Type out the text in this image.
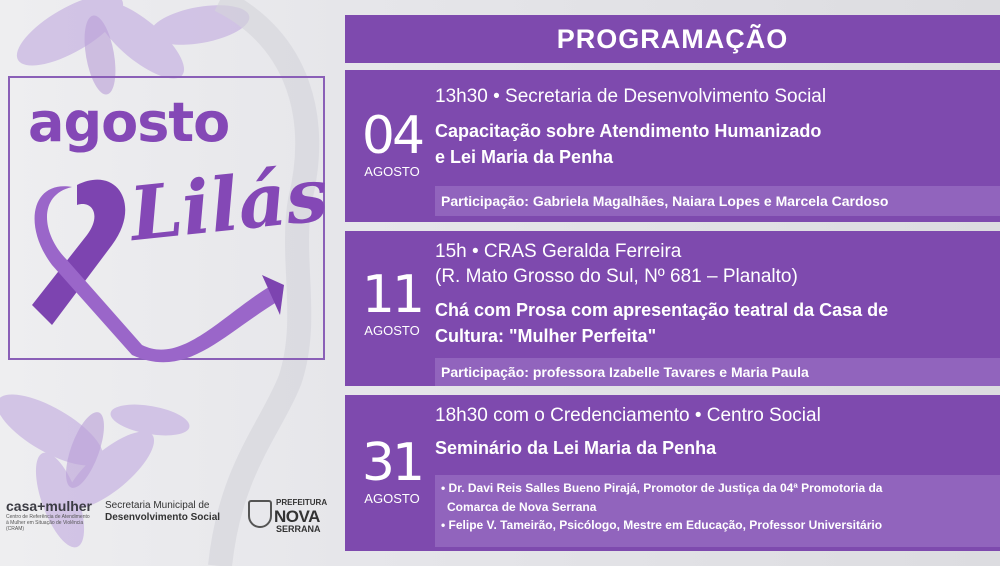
agosto
Lilás
casa+mulher
Centro de Referência de Atendimento à Mulher em Situação de Violência (CRAM)
Secretaria Municipal de
Desenvolvimento Social
PREFEITURA
NOVA
SERRANA
PROGRAMAÇÃO
04
AGOSTO
13h30 • Secretaria de Desenvolvimento Social
Capacitação sobre Atendimento Humanizado
e Lei Maria da Penha
Participação: Gabriela Magalhães, Naiara Lopes e Marcela Cardoso
11
AGOSTO
15h • CRAS Geralda Ferreira
(R. Mato Grosso do Sul, Nº 681 – Planalto)
Chá com Prosa com apresentação teatral da Casa de
Cultura: "Mulher Perfeita"
Participação: professora Izabelle Tavares e Maria Paula
31
AGOSTO
18h30 com o Credenciamento • Centro Social
Seminário da Lei Maria da Penha
• Dr. Davi Reis Salles Bueno Pirajá, Promotor de Justiça da 04ª Promotoria da
Comarca de Nova Serrana
• Felipe V. Tameirão, Psicólogo, Mestre em Educação, Professor Universitário
